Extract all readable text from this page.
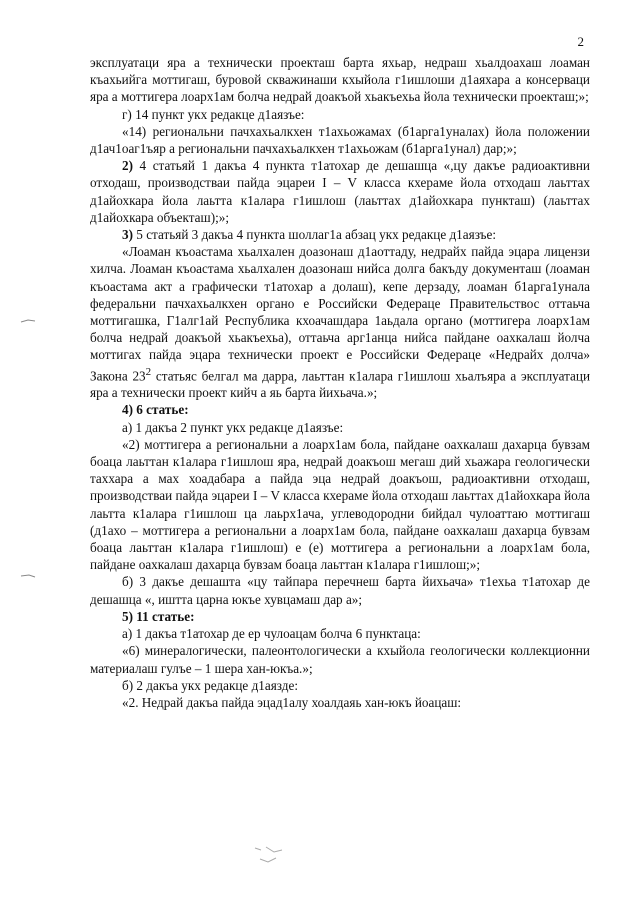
2

эксплуатаци яра а технически проекташ барта яхьар, недраш хьалдоахаш лоаман къахьийга моттигаш, буровой скважинаши кхыйола г1ишлоши д1аяхара а консерваци яра а моттигера лоарх1ам болча недрай доакъой хьакъехьа йола технически проекташ;»;

г) 14 пункт укх редакце д1аязъе:

«14) региональни пачхахьалкхен т1ахьожамах (б1арга1уналах) йола положении д1ач1оаг1ъяр а региональни пачхахьалкхен т1ахьожам (б1арга1унал) дар;»;

2) 4 статьяй 1 дакъа 4 пункта т1атохар де дешашца «,цу дакъе радиоактивни отходаш, производстваи пайда эцареи I – V класса кхераме йола отходаш лаьттах д1айохкара йола лаьтта к1алара г1ишлош (лаьттах д1айохкара пункташ) (лаьттах д1айохкара объекташ);»;

3) 5 статьяй 3 дакъа 4 пункта шоллаг1а абзац укх редакце д1аязъе:

«Лоаман къоастама хьалхален доазонаш д1аоттаду, недрайх пайда эцара лицензи хилча. Лоаман къоастама хьалхален доазонаш нийса долга бакъду документаш (лоаман къоастама акт а графически т1атохар а долаш), кепе дерзаду, лоаман б1арга1унала федеральни пачхахьалкхен органо е Российски Федераце Правительствос оттаьча моттигашка, Г1алг1ай Республика кхоачашдара 1аьдала органо (моттигера лоарх1ам болча недрай доакъой хьакъехьа), оттаьча арг1анца нийса пайдане оахкалаш йолча моттигах пайда эцара технически проект е Российски Федераце «Недрайх долча» Закона $23^2$ статьяс белгал ма дарра, лаьттан к1алара г1ишлош хьалъяра а эксплуатаци яра а технически проект кийч а яь барта йихьача.»;

4) 6 статье:

а) 1 дакъа 2 пункт укх редакце д1аязъе:

«2) моттигера а региональни а лоарх1ам бола, пайдане оахкалаш дахарца бувзам боаца лаьттан к1алара г1ишлош яра, недрай доакъош мегаш дий хьажара геологически таххара а мах хоадабара а пайда эца недрай доакъош, радиоактивни отходаш, производстваи пайда эцареи I – V класса кхераме йола отходаш лаьттах д1айохкара йола лаьтта к1алара г1ишлош ца лаьрх1ача, углеводородни бийдал чулоаттаю моттигаш (д1ахо – моттигера а региональни а лоарх1ам бола, пайдане оахкалаш дахарца бувзам боаца лаьттан к1алара г1ишлош) е (е) моттигера а региональни а лоарх1ам бола, пайдане оахкалаш дахарца бувзам боаца лаьттан к1алара г1ишлош;»;

б) 3 дакъе дешашта «цу тайпара перечнеш барта йихьача» т1ехьа т1атохар де дешашца «, иштта царна юкъе хувцамаш дар а»;

5) 11 статье:

а) 1 дакъа т1атохар де ер чулоацам болча 6 пунктаца:

«6) минералогически, палеонтологически а кхыйола геологически коллекционни материалаш гулъе – 1 шера хан-юкъа.»;

б) 2 дакъа укх редакце д1аязде:

«2. Недрай дакъа пайда эцад1алу хоалдаяь хан-юкъ йоацаш:
